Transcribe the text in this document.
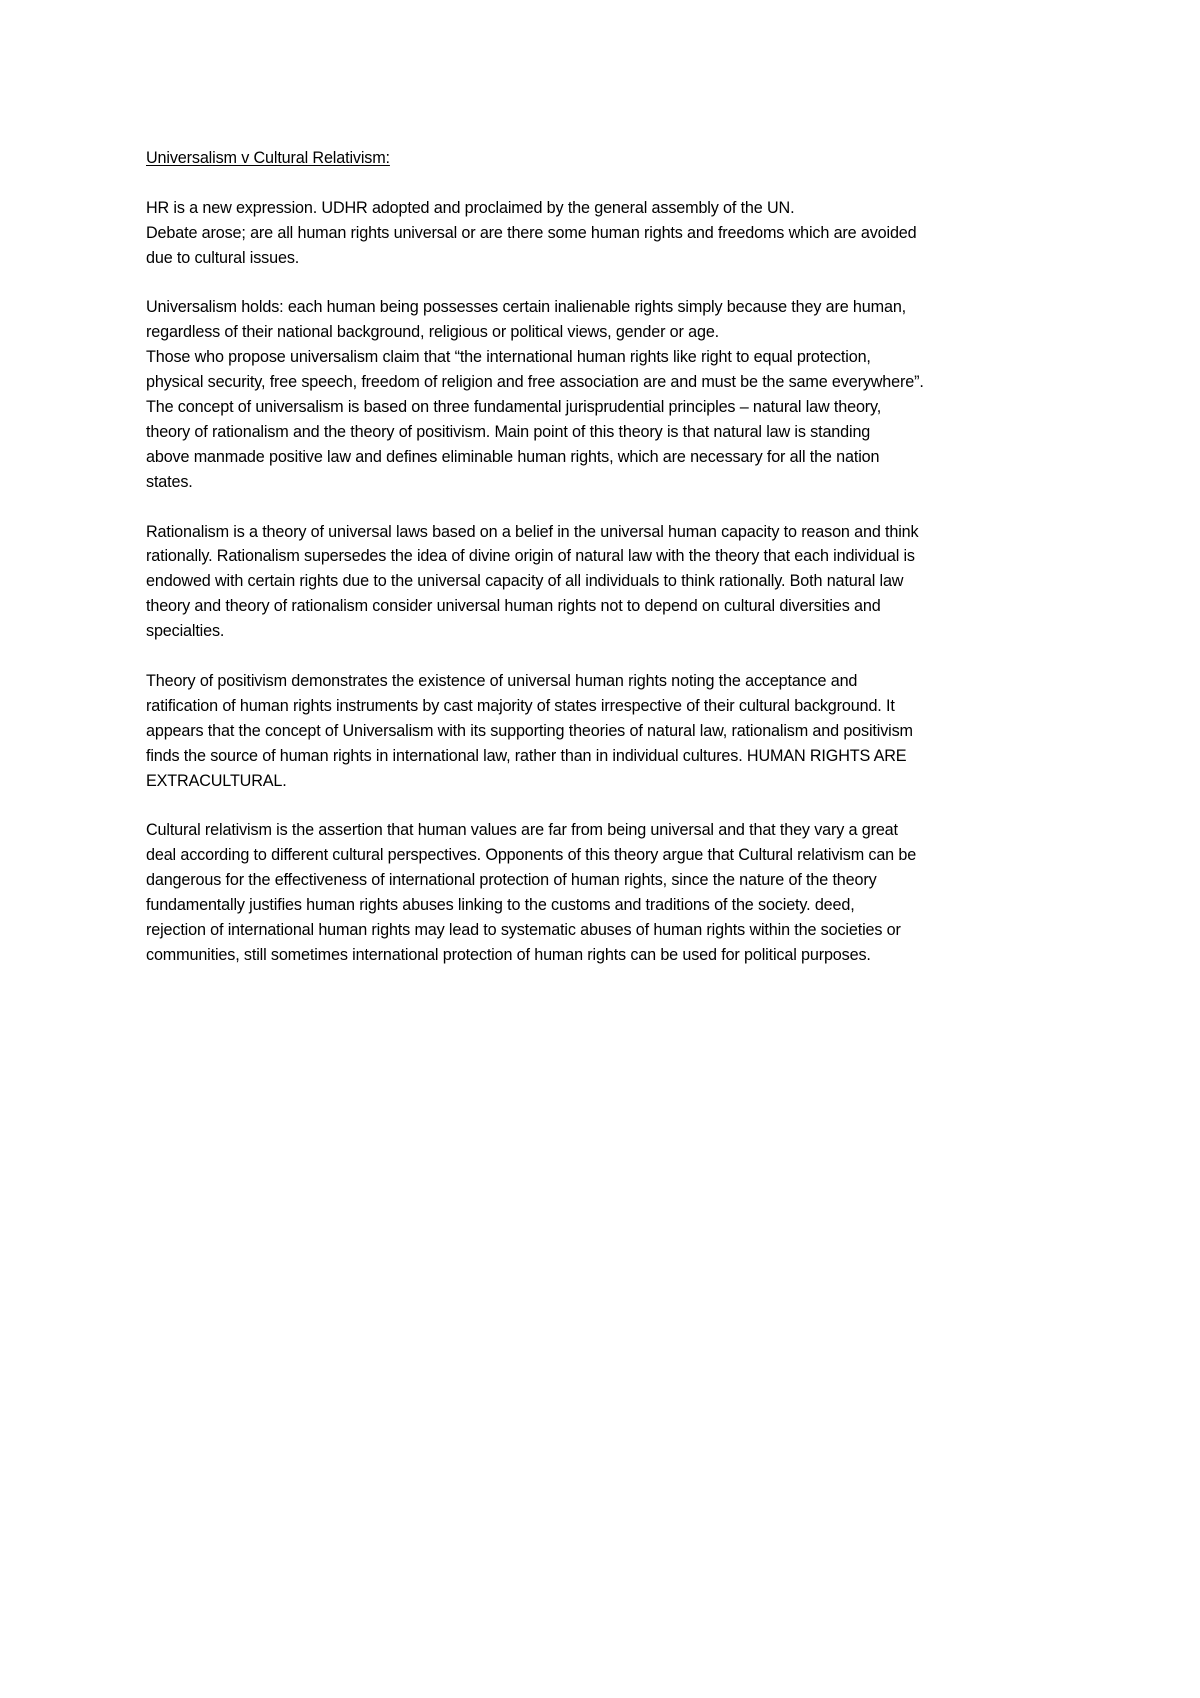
Universalism v Cultural Relativism:

HR is a new expression. UDHR adopted and proclaimed by the general assembly of the UN.
Debate arose; are all human rights universal or are there some human rights and freedoms which are avoided
due to cultural issues.

Universalism holds: each human being possesses certain inalienable rights simply because they are human,
regardless of their national background, religious or political views, gender or age.
Those who propose universalism claim that “the international human rights like right to equal protection,
physical security, free speech, freedom of religion and free association are and must be the same everywhere”.
The concept of universalism is based on three fundamental jurisprudential principles – natural law theory,
theory of rationalism and the theory of positivism. Main point of this theory is that natural law is standing
above manmade positive law and defines eliminable human rights, which are necessary for all the nation
states.

Rationalism is a theory of universal laws based on a belief in the universal human capacity to reason and think
rationally. Rationalism supersedes the idea of divine origin of natural law with the theory that each individual is
endowed with certain rights due to the universal capacity of all individuals to think rationally. Both natural law
theory and theory of rationalism consider universal human rights not to depend on cultural diversities and
specialties.

Theory of positivism demonstrates the existence of universal human rights noting the acceptance and
ratification of human rights instruments by cast majority of states irrespective of their cultural background. It
appears that the concept of Universalism with its supporting theories of natural law, rationalism and positivism
finds the source of human rights in international law, rather than in individual cultures. HUMAN RIGHTS ARE
EXTRACULTURAL.

Cultural relativism is the assertion that human values are far from being universal and that they vary a great
deal according to different cultural perspectives. Opponents of this theory argue that Cultural relativism can be
dangerous for the effectiveness of international protection of human rights, since the nature of the theory
fundamentally justifies human rights abuses linking to the customs and traditions of the society. deed,
rejection of international human rights may lead to systematic abuses of human rights within the societies or
communities, still sometimes international protection of human rights can be used for political purposes.
